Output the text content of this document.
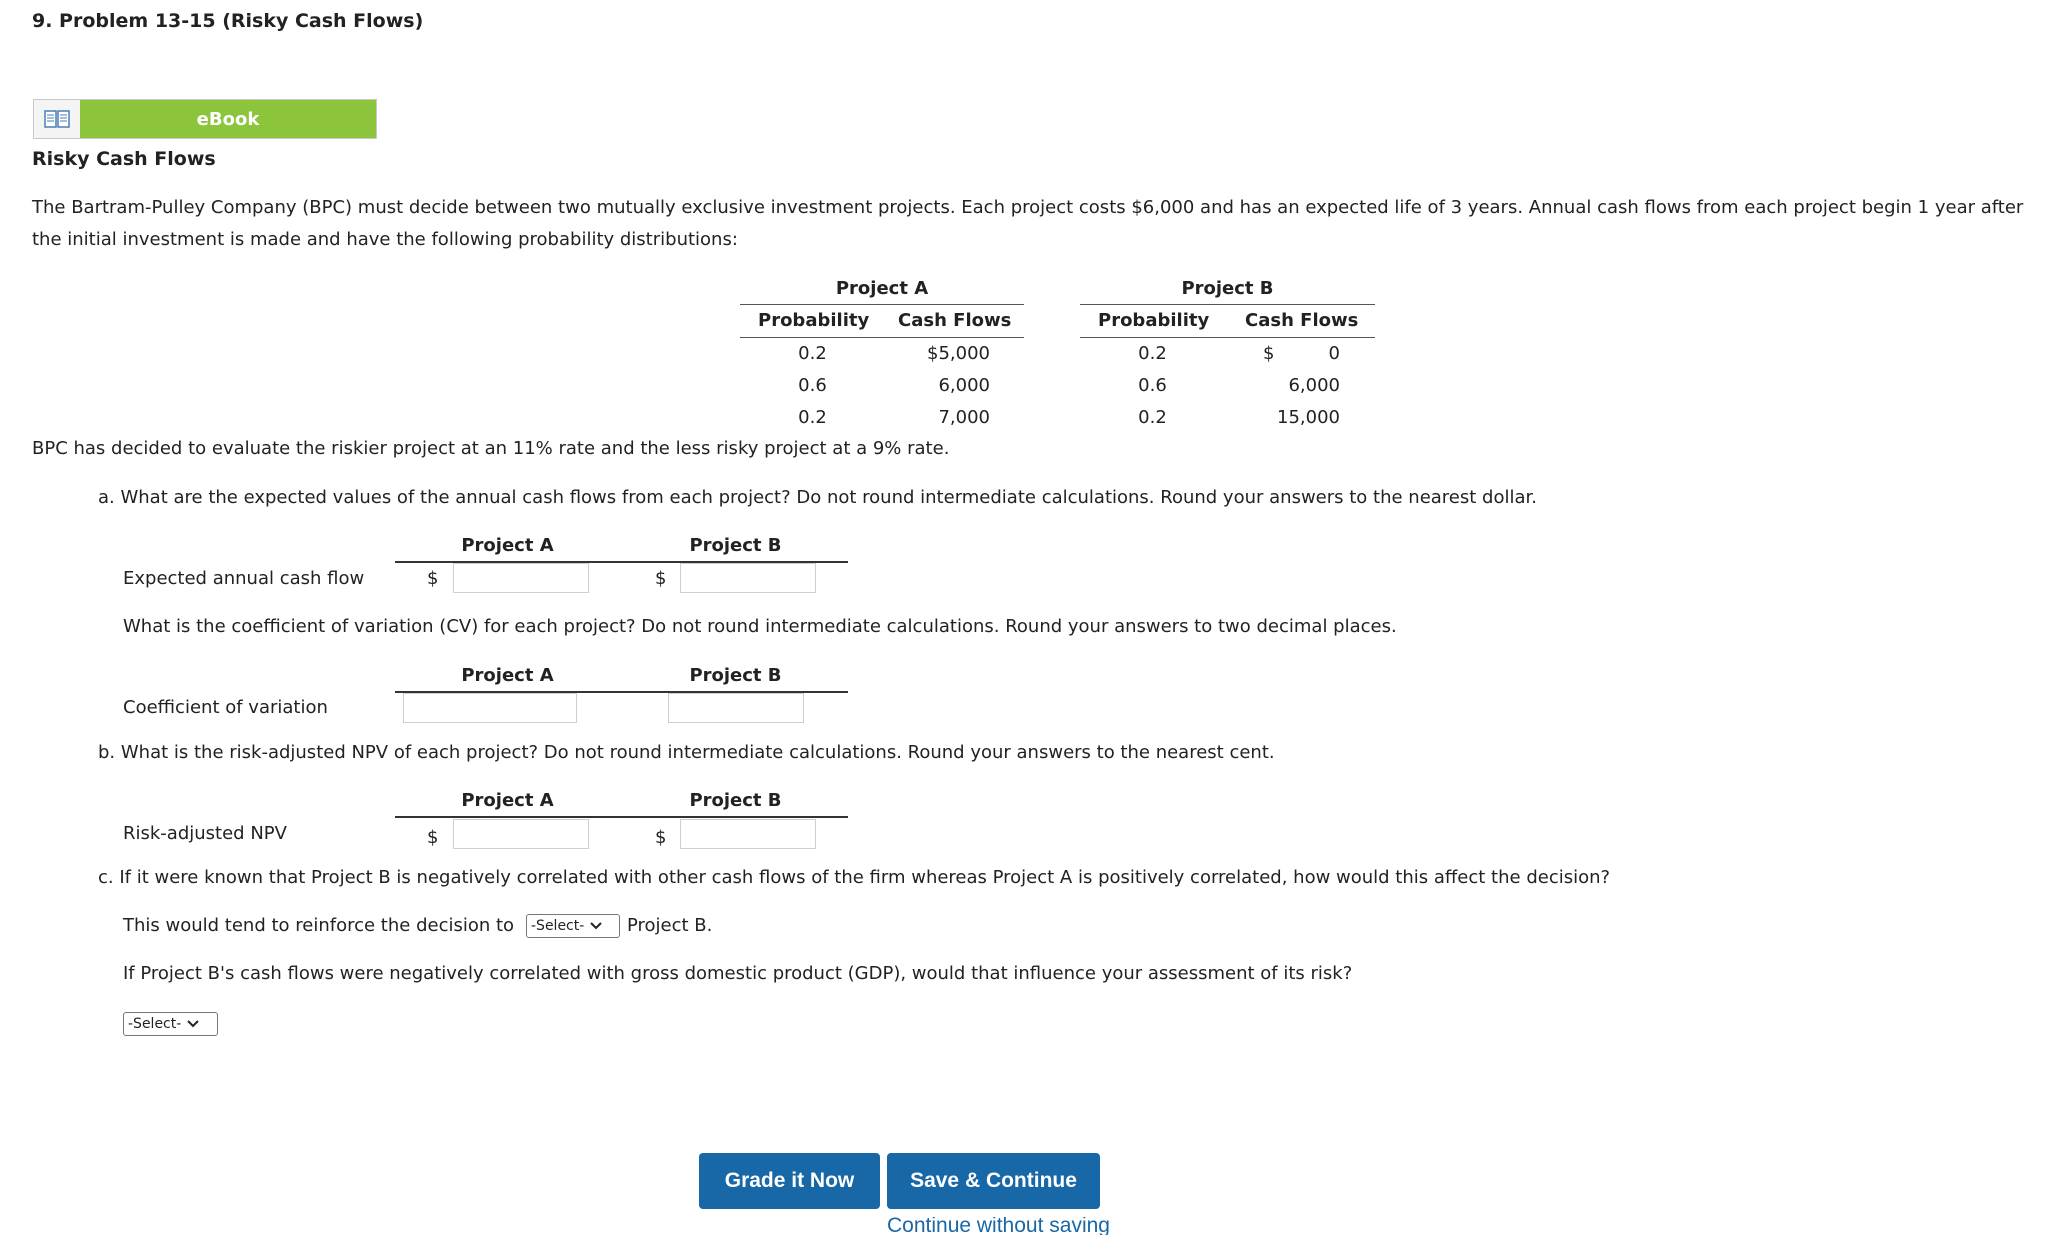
9. Problem 13-15 (Risky Cash Flows)
eBook
Risky Cash Flows
The Bartram-Pulley Company (BPC) must decide between two mutually exclusive investment projects. Each project costs $6,000 and has an expected life of 3 years. Annual cash flows from each project begin 1 year after the initial investment is made and have the following probability distributions:
Project A
Probability Cash Flows
0.2	$5,000
0.6	6,000
0.2	7,000
Project B
Probability Cash Flows
0.2	$	0
0.6	6,000
0.2	15,000
BPC has decided to evaluate the riskier project at an 11% rate and the less risky project at a 9% rate.
a. What are the expected values of the annual cash flows from each project? Do not round intermediate calculations. Round your answers to the nearest dollar.
Project A	Project B
Expected annual cash flow	$	$
What is the coefficient of variation (CV) for each project? Do not round intermediate calculations. Round your answers to two decimal places.
Project A	Project B
Coefficient of variation
b. What is the risk-adjusted NPV of each project? Do not round intermediate calculations. Round your answers to the nearest cent.
Project A	Project B
Risk-adjusted NPV	$	$
c. If it were known that Project B is negatively correlated with other cash flows of the firm whereas Project A is positively correlated, how would this affect the decision?
This would tend to reinforce the decision to -Select- Project B.
If Project B's cash flows were negatively correlated with gross domestic product (GDP), would that influence your assessment of its risk?
-Select-
Grade it Now	Save & Continue
Continue without saving
